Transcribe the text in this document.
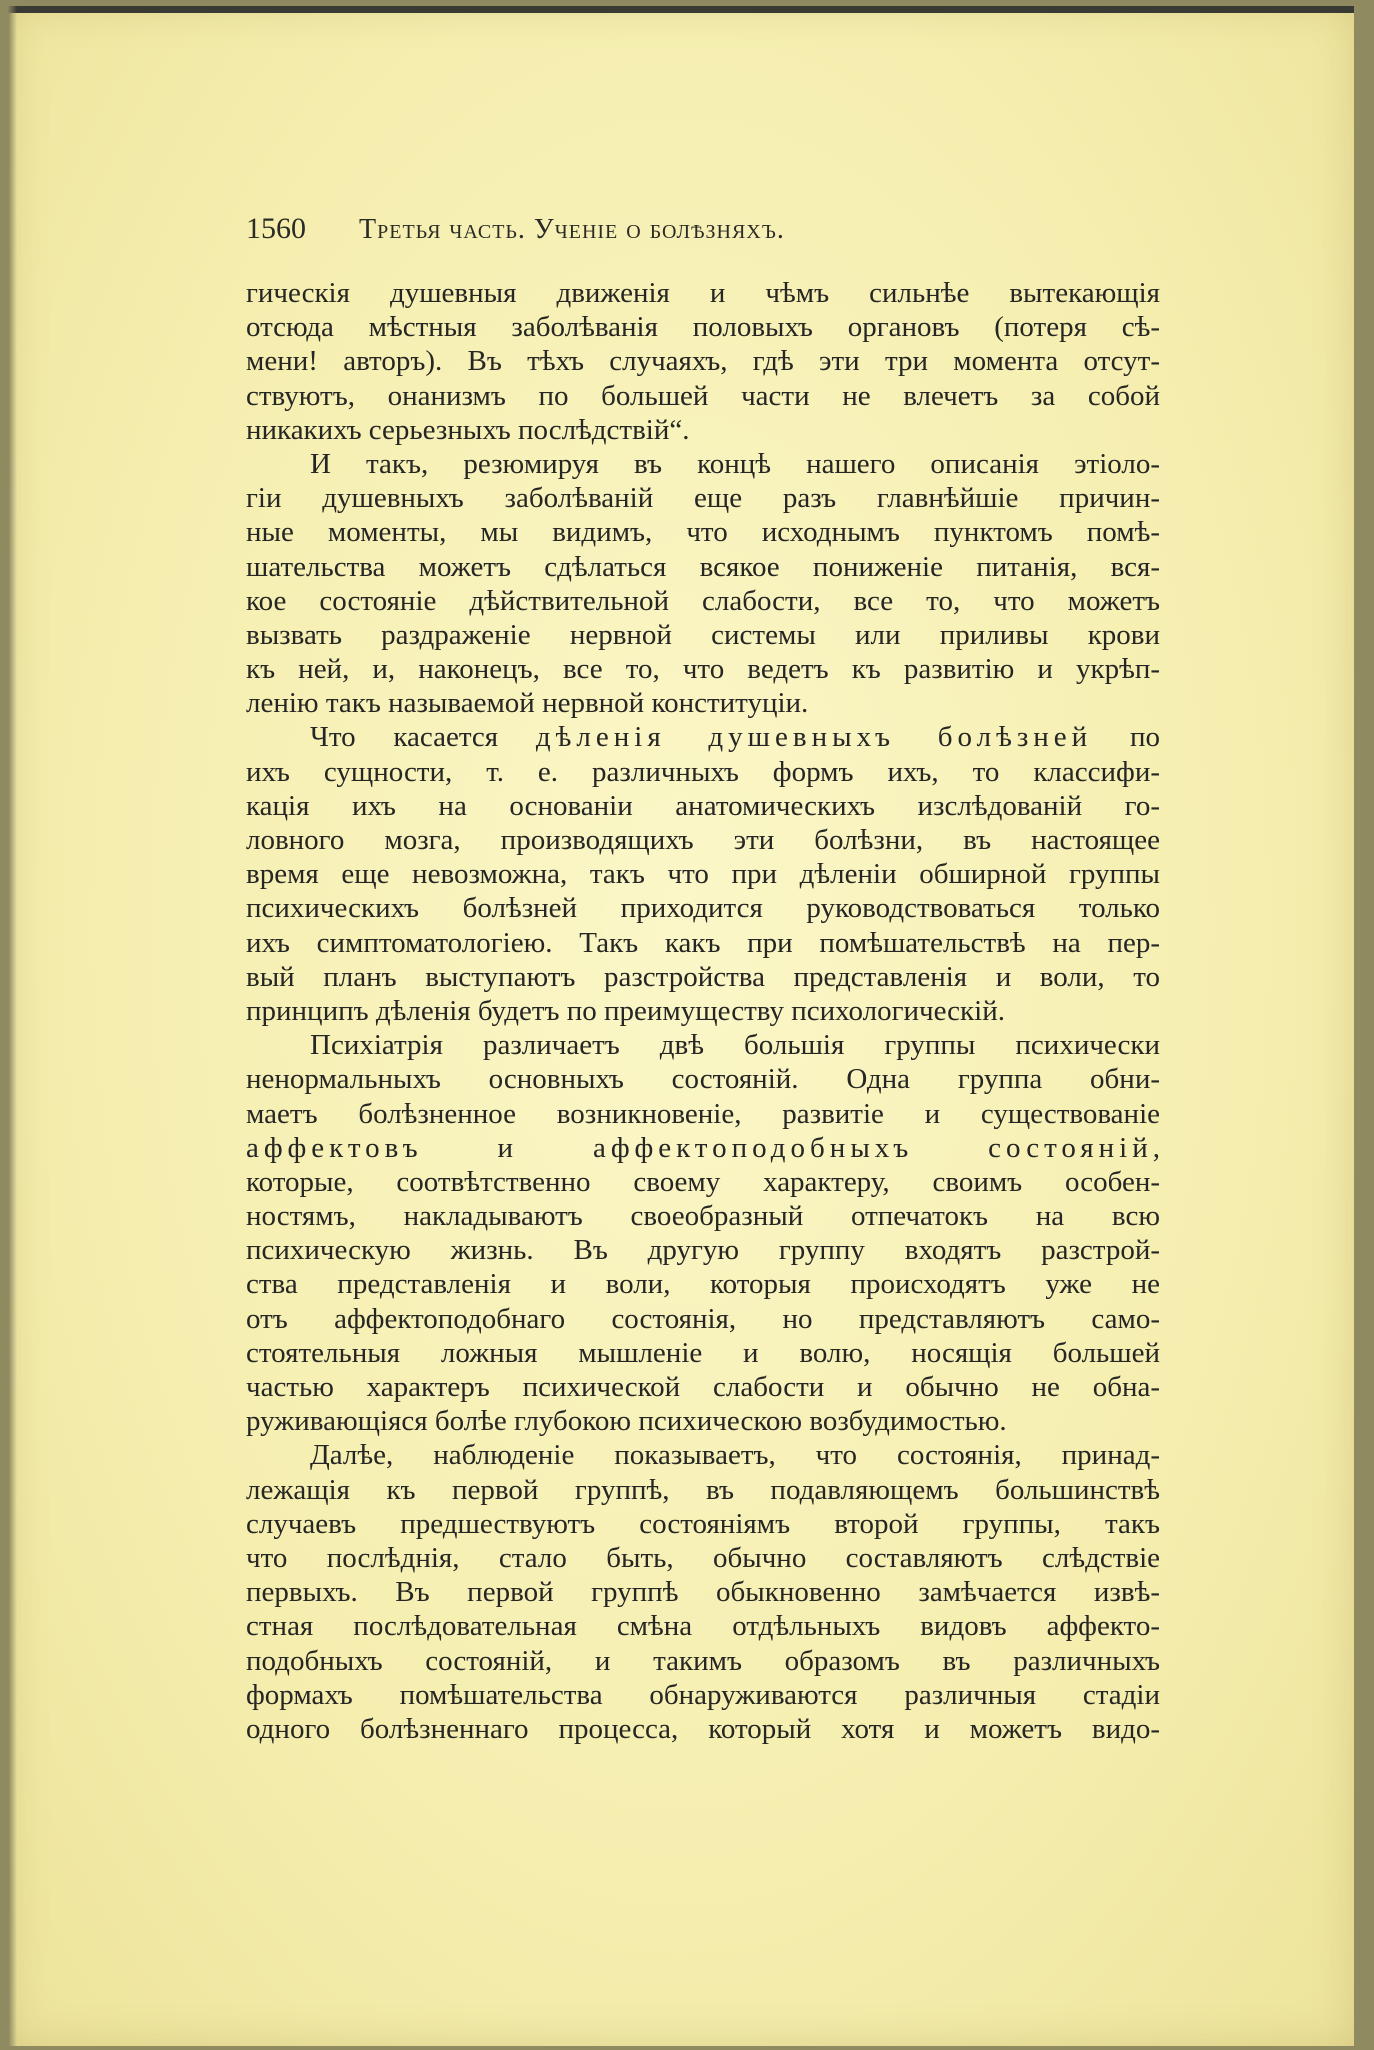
1560 Третья часть. Ученіе о болѣзняхъ.
гическія душевныя движенія и чѣмъ сильнѣе вытекающія
отсюда мѣстныя заболѣванія половыхъ органовъ (потеря сѣ-
мени! авторъ). Въ тѣхъ случаяхъ, гдѣ эти три момента отсут-
ствуютъ, онанизмъ по большей части не влечетъ за собой
никакихъ серьезныхъ послѣдствій“.
И такъ, резюмируя въ концѣ нашего описанія этіоло-
гіи душевныхъ заболѣваній еще разъ главнѣйшіе причин-
ные моменты, мы видимъ, что исходнымъ пунктомъ помѣ-
шательства можетъ сдѣлаться всякое пониженіе питанія, вся-
кое состояніе дѣйствительной слабости, все то, что можетъ
вызвать раздраженіе нервной системы или приливы крови
къ ней, и, наконецъ, все то, что ведетъ къ развитію и укрѣп-
ленію такъ называемой нервной конституціи.
Что касается дѣленія душевныхъ болѣзней по
ихъ сущности, т. е. различныхъ формъ ихъ, то классифи-
кація ихъ на основаніи анатомическихъ изслѣдованій го-
ловного мозга, производящихъ эти болѣзни, въ настоящее
время еще невозможна, такъ что при дѣленіи обширной группы
психическихъ болѣзней приходится руководствоваться только
ихъ симптоматологіею. Такъ какъ при помѣшательствѣ на пер-
вый планъ выступаютъ разстройства представленія и воли, то
принципъ дѣленія будетъ по преимуществу психологическій.
Психіатрія различаетъ двѣ большія группы психически
ненормальныхъ основныхъ состояній. Одна группа обни-
маетъ болѣзненное возникновеніе, развитіе и существованіе
аффектовъ и аффектоподобныхъ состояній,
которые, соотвѣтственно своему характеру, своимъ особен-
ностямъ, накладываютъ своеобразный отпечатокъ на всю
психическую жизнь. Въ другую группу входятъ разстрой-
ства представленія и воли, которыя происходятъ уже не
отъ аффектоподобнаго состоянія, но представляютъ само-
стоятельныя ложныя мышленіе и волю, носящія большей
частью характеръ психической слабости и обычно не обна-
руживающіяся болѣе глубокою психическою возбудимостью.
Далѣе, наблюденіе показываетъ, что состоянія, принад-
лежащія къ первой группѣ, въ подавляющемъ большинствѣ
случаевъ предшествуютъ состояніямъ второй группы, такъ
что послѣднія, стало быть, обычно составляютъ слѣдствіе
первыхъ. Въ первой группѣ обыкновенно замѣчается извѣ-
стная послѣдовательная смѣна отдѣльныхъ видовъ аффекто-
подобныхъ состояній, и такимъ образомъ въ различныхъ
формахъ помѣшательства обнаруживаются различныя стадіи
одного болѣзненнаго процесса, который хотя и можетъ видо-
